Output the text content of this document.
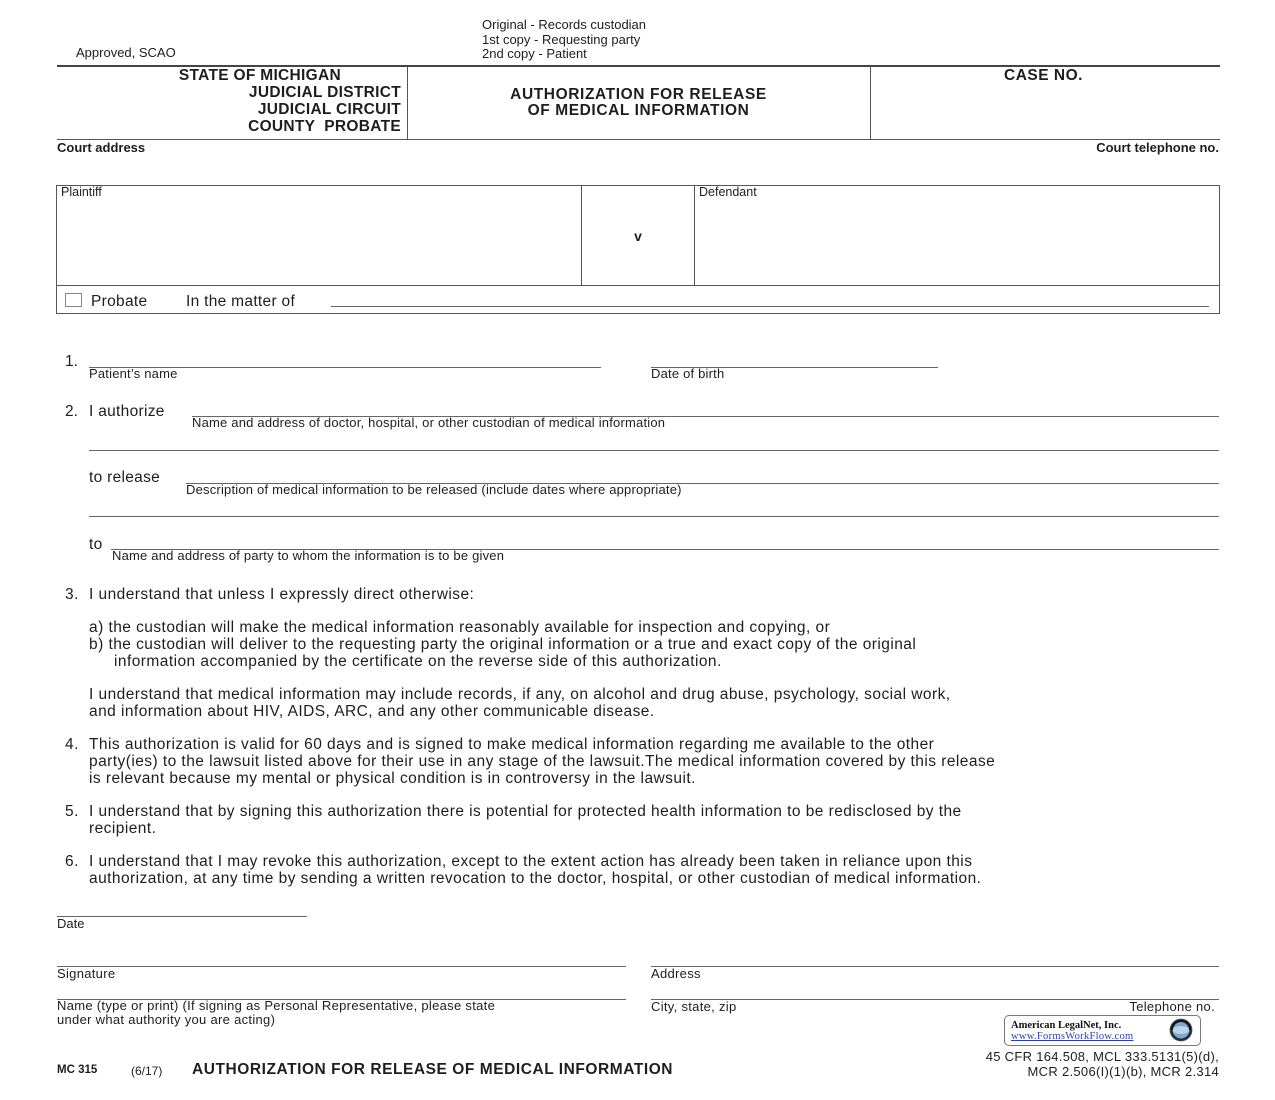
Approved, SCAO
Original - Records custodian
1st copy - Requesting party
2nd copy - Patient
STATE OF MICHIGAN
JUDICIAL DISTRICT
JUDICIAL CIRCUIT
COUNTY  PROBATE
AUTHORIZATION FOR RELEASE
OF MEDICAL INFORMATION
CASE NO.
Court address	Court telephone no.
Plaintiff
v
Defendant
Probate In the matter of
1.
Patient’s name	Date of birth
2. I authorize
Name and address of doctor, hospital, or other custodian of medical information
to release
Description of medical information to be released (include dates where appropriate)
to
Name and address of party to whom the information is to be given
3. I understand that unless I expressly direct otherwise:
a) the custodian will make the medical information reasonably available for inspection and copying, or
b) the custodian will deliver to the requesting party the original information or a true and exact copy of the original
information accompanied by the certificate on the reverse side of this authorization.
I understand that medical information may include records, if any, on alcohol and drug abuse, psychology, social work,
and information about HIV, AIDS, ARC, and any other communicable disease.
4. This authorization is valid for 60 days and is signed to make medical information regarding me available to the other
party(ies) to the lawsuit listed above for their use in any stage of the lawsuit.The medical information covered by this release
is relevant because my mental or physical condition is in controversy in the lawsuit.
5. I understand that by signing this authorization there is potential for protected health information to be redisclosed by the
recipient.
6. I understand that I may revoke this authorization, except to the extent action has already been taken in reliance upon this
authorization, at any time by sending a written revocation to the doctor, hospital, or other custodian of medical information.
Date
Signature	Address
Name (type or print) (If signing as Personal Representative, please state
under what authority you are acting)
City, state, zip	Telephone no.
American LegalNet, Inc.
www.FormsWorkFlow.com
MC 315	(6/17) AUTHORIZATION FOR RELEASE OF MEDICAL INFORMATION
45 CFR 164.508, MCL 333.5131(5)(d),
MCR 2.506(I)(1)(b), MCR 2.314
